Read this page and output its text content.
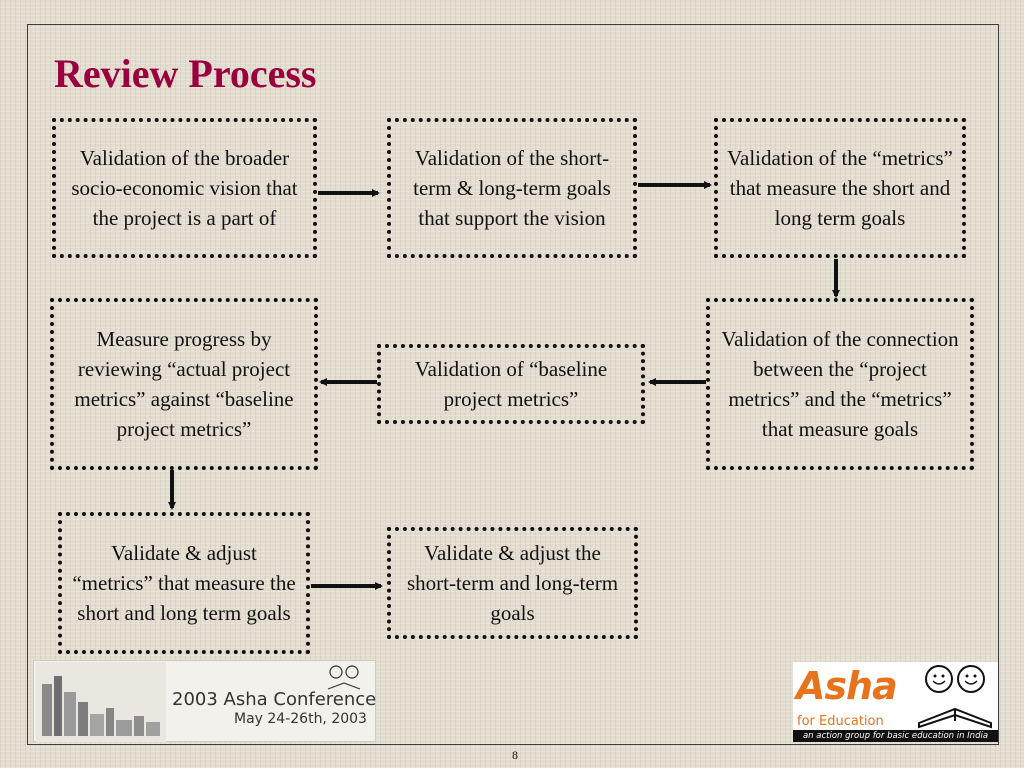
Review Process
Validation of the broader socio-economic vision that the project is a part of
Validation of the short-term & long-term goals that support the vision
Validation of the “metrics” that measure the short and long term goals
Measure progress by reviewing “actual project metrics” against “baseline project metrics”
Validation of “baseline project metrics”
Validation of the connection between the “project metrics” and the “metrics” that measure goals
Validate & adjust “metrics” that measure the short and long term goals
Validate & adjust the short-term and long-term goals
2003 Asha Conference
May 24-26th, 2003
Asha
for Education
an action group for basic education in India
8
